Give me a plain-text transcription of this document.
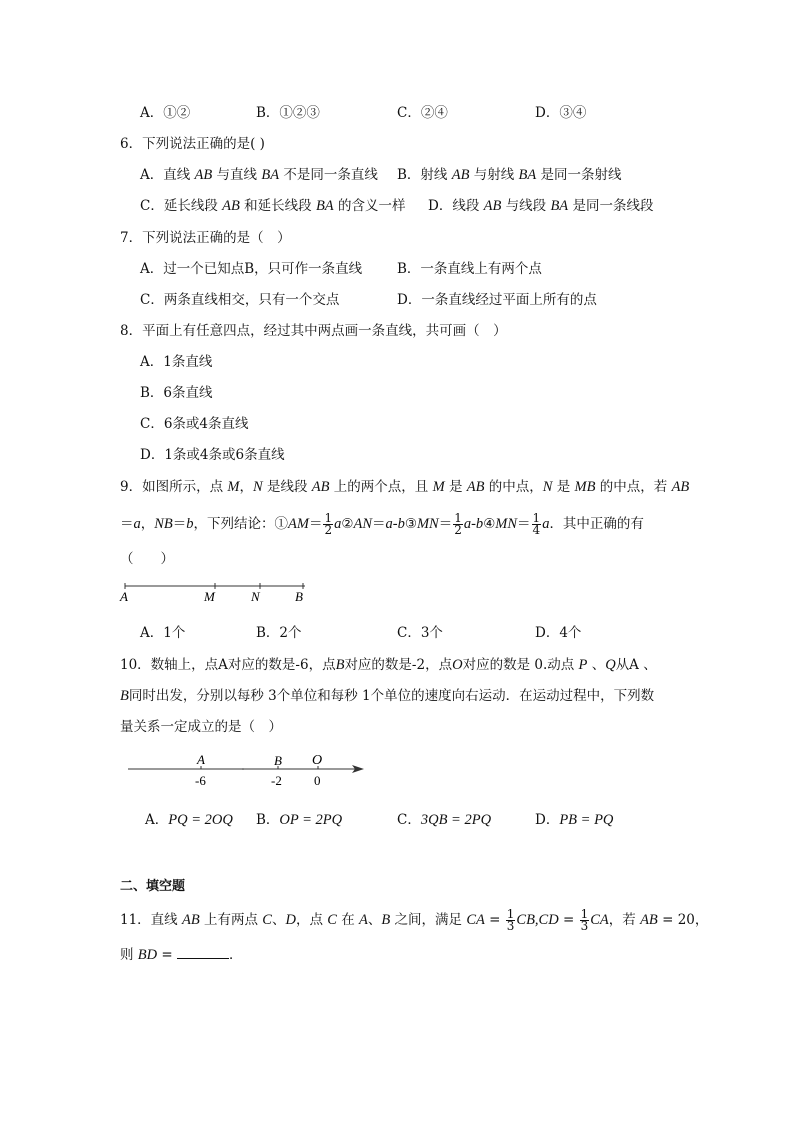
A．①②	B．①②③	C．②④	D．③④
6．下列说法正确的是( )
A．直线 AB 与直线 BA 不是同一条直线 B．射线 AB 与射线 BA 是同一条射线
C．延长线段 AB 和延长线段 BA 的含义一样 D．线段 AB 与线段 BA 是同一条线段
7．下列说法正确的是（　）
A．过一个已知点B，只可作一条直线	B．一条直线上有两个点
C．两条直线相交，只有一个交点	D．一条直线经过平面上所有的点
8．平面上有任意四点，经过其中两点画一条直线，共可画（　）
A．1条直线
B．6条直线
C．6条或4条直线
D．1条或4条或6条直线
9．如图所示，点 M，N 是线段 AB 上的两个点，且 M 是 AB 的中点，N 是 MB 的中点，若 AB
＝a，NB＝b，下列结论：①AM＝ $\frac{1}{2}$ a②AN＝a-b③MN＝ $\frac{1}{2}$ a-b④MN＝ $\frac{1}{4}$ a．其中正确的有
（　　）
A	M	N	B
A．1个	B．2个	C．3个	D．4个
10．数轴上，点A对应的数是-6，点B对应的数是-2，点O对应的数是 0.动点 P 、Q从A 、
B同时出发，分别以每秒 3个单位和每秒 1个单位的速度向右运动．在运动过程中，下列数
量关系一定成立的是（　）
A	B O
-6	-2 0
A．PQ = 2OQ B．OP = 2PQ	C．3QB = 2PQ	D．PB = PQ
二、填空题
11．直线 AB 上有两点 C、D，点 C 在 A、B 之间，满足 CA = $\frac{1}{3} CB,CD = \frac{1}{3}$ CA，若 AB = 20，
则 BD =	．
